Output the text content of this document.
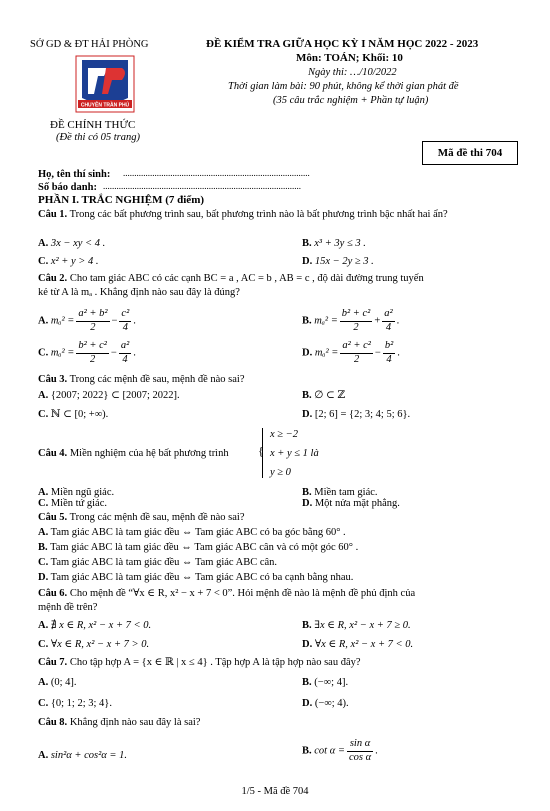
SỞ GD & ĐT HẢI PHÒNG
CHUYÊN TRẦN PHÚ
ĐỀ CHÍNH THỨC
(Đề thi có 05 trang)
ĐỀ KIỂM TRA GIỮA HỌC KỲ I NĂM HỌC 2022 - 2023
Môn: TOÁN; Khối: 10
Ngày thi: …/10/2022
Thời gian làm bài: 90 phút, không kể thời gian phát đề
(35 câu trắc nghiệm + Phần tự luận)
Mã đề thi 704
Họ, tên thí sinh: ...................................................................................
Số báo danh: ........................................................................................
PHẦN I. TRẮC NGHIỆM (7 điểm)
Câu 1. Trong các bất phương trình sau, bất phương trình nào là bất phương trình bậc nhất hai ẩn?
A. 3x − xy < 4 .	B. x³ + 3y ≤ 3 .
C. x² + y > 4 .	D. 15x − 2y ≥ 3 .
Câu 2. Cho tam giác ABC có các cạnh BC = a , AC = b , AB = c , độ dài đường trung tuyến
kẻ từ A là mₐ . Khẳng định nào sau đây là đúng?
A. $m_a^2 = \frac{\text{a² + b²}}{2} - \frac{\text{c²}}{4}$ .	B. $m_a^2 = \frac{\text{b² + c²}}{2} + \frac{\text{a²}}{4}$ .
C. $m_a^2 = \frac{\text{b² + c²}}{2} - \frac{\text{a²}}{4}$ .	D. $m_a^2 = \frac{\text{a² + c²}}{2} - \frac{\text{b²}}{4}$ .
Câu 3. Trong các mệnh đề sau, mệnh đề nào sai?
A. {2007; 2022} ⊂ [2007; 2022].	B. ∅ ⊂ ℤ
C. ℕ ⊂ [0; +∞).	D. [2; 6] = {2; 3; 4; 5; 6}.
Câu 4. Miền nghiệm của hệ bất phương trình {
x ≥ −2
x + y ≤ 1 là
y ≥ 0
A. Miền ngũ giác.	B. Miền tam giác.
C. Miền tứ giác.	D. Một nửa mặt phẳng.
Câu 5. Trong các mệnh đề sau, mệnh đề nào sai?
A. Tam giác ABC là tam giác đều ⇔ Tam giác ABC có ba góc bằng 60° .
B. Tam giác ABC là tam giác đều ⇔ Tam giác ABC cân và có một góc 60° .
C. Tam giác ABC là tam giác đều ⇔ Tam giác ABC cân.
D. Tam giác ABC là tam giác đều ⇔ Tam giác ABC có ba cạnh bằng nhau.
Câu 6. Cho mệnh đề “∀x ∈ R, x² − x + 7 < 0”. Hỏi mệnh đề nào là mệnh đề phủ định của
mệnh đề trên?
A. ∄ x ∈ R, x² − x + 7 < 0.	B. ∃x ∈ R, x² − x + 7 ≥ 0.
C. ∀x ∈ R, x² − x + 7 > 0.	D. ∀x ∈ R, x² − x + 7 < 0.
Câu 7. Cho tập hợp A = {x ∈ ℝ | x ≤ 4} . Tập hợp A là tập hợp nào sau đây?
A. (0; 4].	B. (−∞; 4].
C. {0; 1; 2; 3; 4}.	D. (−∞; 4).
Câu 8. Khẳng định nào sau đây là sai?
A. sin²α + cos²α = 1.	B. $\cot \alpha = \frac{\text{sin α}}{\text{cos α}}$ .
1/5 - Mã đề 704
